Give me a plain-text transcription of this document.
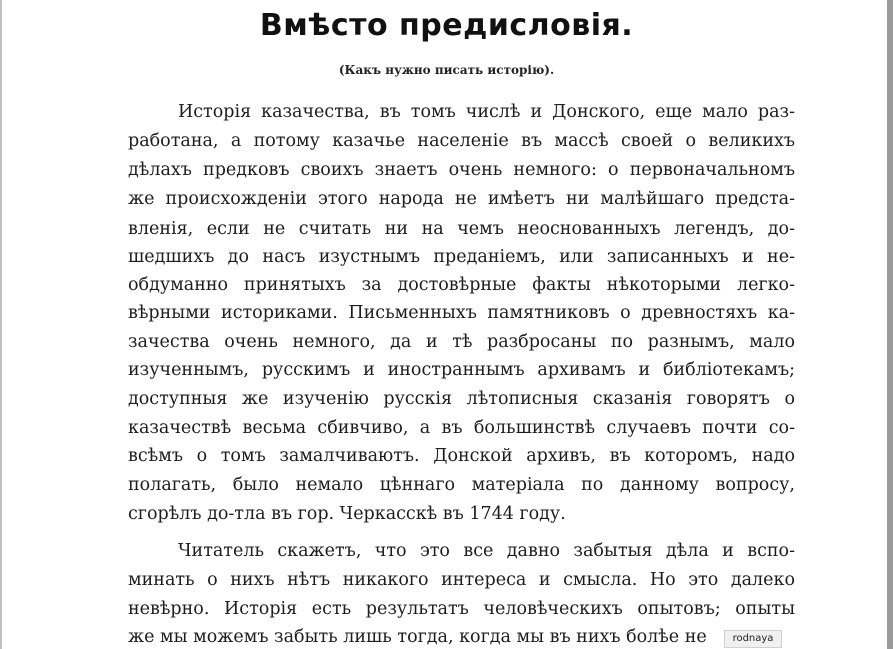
Вмѣсто предисловія.
(Какъ нужно писать исторію).
Исторія казачества, въ томъ числѣ и Донского, еще мало раз-
работана, а потому казачье населеніе въ массѣ своей о великихъ
дѣлахъ предковъ своихъ знаетъ очень немного: о первоначальномъ
же происхожденіи этого народа не имѣетъ ни малѣйшаго предста-
вленія, если не считать ни на чемъ неоснованныхъ легендъ, до-
шедшихъ до насъ изустнымъ преданіемъ, или записанныхъ и не-
обдуманно принятыхъ за достовѣрные факты нѣкоторыми легко-
вѣрными историками. Письменныхъ памятниковъ о древностяхъ ка-
зачества очень немного, да и тѣ разбросаны по разнымъ, мало
изученнымъ, русскимъ и иностраннымъ архивамъ и библіотекамъ;
доступныя же изученію русскія лѣтописныя сказанія говорятъ о
казачествѣ весьма сбивчиво, а въ большинствѣ случаевъ почти со-
всѣмъ о томъ замалчиваютъ. Донской архивъ, въ которомъ, надо
полагать, было немало цѣннаго матеріала по данному вопросу,
сгорѣлъ до-тла въ гор. Черкасскѣ въ 1744 году.
Читатель скажетъ, что это все давно забытыя дѣла и вспо-
минать о нихъ нѣтъ никакого интереса и смысла. Но это далеко
невѣрно. Исторія есть результатъ человѣческихъ опытовъ; опыты
же мы можемъ забыть лишь тогда, когда мы въ нихъ болѣе не	rodnaya
